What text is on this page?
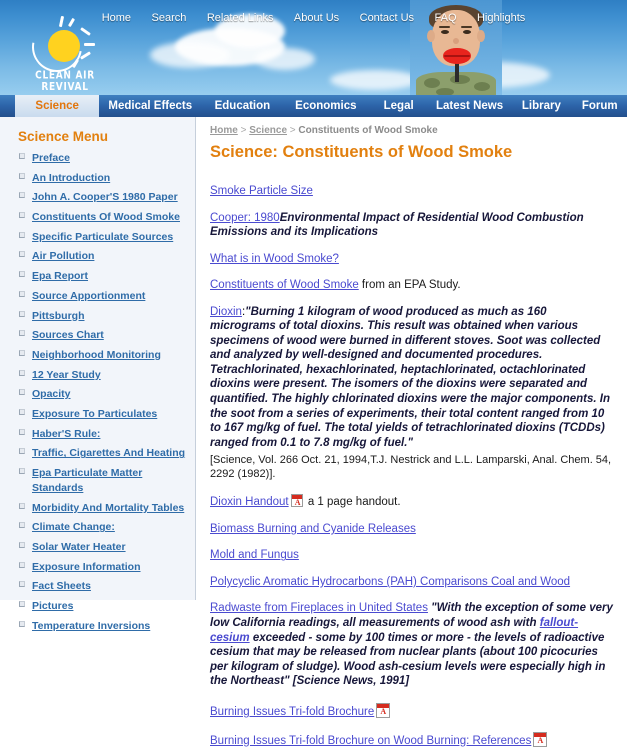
CLEAN AIR REVIVAL
Home Search Related Links About Us Contact Us FAQ Highlights
Science	Medical Effects	Education	Economics	Legal	Latest News	Library	Forum
Science Menu
Preface
An Introduction
John A. Cooper'S 1980 Paper
Constituents Of Wood Smoke
Specific Particulate Sources
Air Pollution
Epa Report
Source Apportionment
Pittsburgh
Sources Chart
Neighborhood Monitoring
12 Year Study
Opacity
Exposure To Particulates
Haber'S Rule:
Traffic, Cigarettes And Heating
Epa Particulate Matter Standards
Morbidity And Mortality Tables
Climate Change:
Solar Water Heater
Exposure Information
Fact Sheets
Pictures
Temperature Inversions
Home > Science > Constituents of Wood Smoke
Science: Constituents of Wood Smoke

Smoke Particle Size

Cooper: 1980Environmental Impact of Residential Wood Combustion Emissions and its Implications

What is in Wood Smoke?

Constituents of Wood Smoke from an EPA Study.

Dioxin:"Burning 1 kilogram of wood produced as much as 160 micrograms of total dioxins. This result was obtained when various specimens of wood were burned in different stoves. Soot was collected and analyzed by well-designed and documented procedures. Tetrachlorinated, hexachlorinated, heptachlorinated, octachlorinated dioxins were present. The isomers of the dioxins were separated and quantified. The highly chlorinated dioxins were the major components. In the soot from a series of experiments, their total content ranged from 10 to 167 mg/kg of fuel. The total yields of tetrachlorinated dioxins (TCDDs) ranged from 0.1 to 7.8 mg/kg of fuel."

[Science, Vol. 266 Oct. 21, 1994,T.J. Nestrick and L.L. Lamparski, Anal. Chem. 54, 2292 (1982)].

Dioxin Handout A a 1 page handout.

Biomass Burning and Cyanide Releases

Mold and Fungus

Polycyclic Aromatic Hydrocarbons (PAH) Comparisons Coal and Wood

Radwaste from Fireplaces in United States "With the exception of some very low California readings, all measurements of wood ash with fallout-cesium exceeded - some by 100 times or more - the levels of radioactive cesium that may be released from nuclear plants (about 100 picocuries per kilogram of sludge). Wood ash-cesium levels were especially high in the Northeast" [Science News, 1991]

Burning Issues Tri-fold Brochure A

Burning Issues Tri-fold Brochure on Wood Burning: References A
